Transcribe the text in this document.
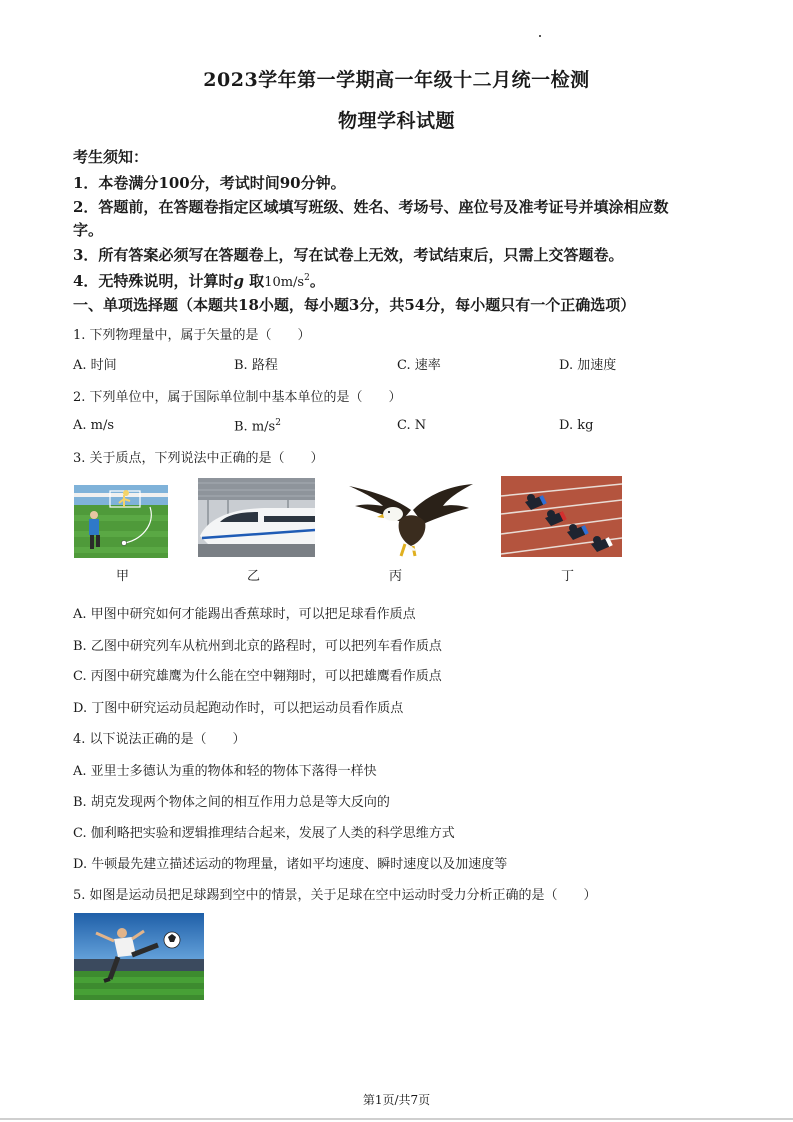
2023学年第一学期高一年级十二月统一检测
物理学科试题
考生须知：
1．本卷满分100分，考试时间90分钟。
2．答题前，在答题卷指定区域填写班级、姓名、考场号、座位号及准考证号并填涂相应数
字。
3．所有答案必须写在答题卷上，写在试卷上无效，考试结束后，只需上交答题卷。
4．无特殊说明，计算时g 取$10m/s^2$。
一、单项选择题（本题共18小题，每小题3分，共54分，每小题只有一个正确选项）
1. 下列物理量中，属于矢量的是（　　）
A. 时间	B. 路程	C. 速率	D. 加速度
2. 下列单位中，属于国际单位制中基本单位的是（　　）
A. m/s	B. $m/s^2$	C. N	D. kg
3. 关于质点，下列说法中正确的是（　　）
甲	乙	丙	丁
A. 甲图中研究如何才能踢出香蕉球时，可以把足球看作质点
B. 乙图中研究列车从杭州到北京的路程时，可以把列车看作质点
C. 丙图中研究雄鹰为什么能在空中翱翔时，可以把雄鹰看作质点
D. 丁图中研究运动员起跑动作时，可以把运动员看作质点
4. 以下说法正确的是（　　）
A. 亚里士多德认为重的物体和轻的物体下落得一样快
B. 胡克发现两个物体之间的相互作用力总是等大反向的
C. 伽利略把实验和逻辑推理结合起来，发展了人类的科学思维方式
D. 牛顿最先建立描述运动的物理量，诸如平均速度、瞬时速度以及加速度等
5. 如图是运动员把足球踢到空中的情景，关于足球在空中运动时受力分析正确的是（　　）
第1页/共7页
